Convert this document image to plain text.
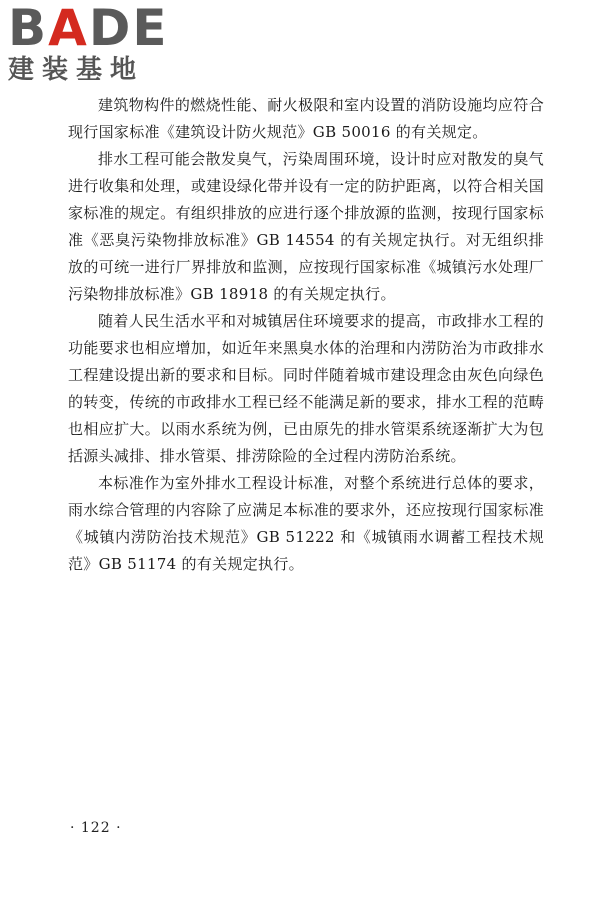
B A DE
建装基地

建筑物构件的燃烧性能、耐火极限和室内设置的消防设施均应符合现行国家标准《建筑设计防火规范》GB 50016 的有关规定。

排水工程可能会散发臭气，污染周围环境，设计时应对散发的臭气进行收集和处理，或建设绿化带并设有一定的防护距离，以符合相关国家标准的规定。有组织排放的应进行逐个排放源的监测，按现行国家标准《恶臭污染物排放标准》GB 14554 的有关规定执行。对无组织排放的可统一进行厂界排放和监测，应按现行国家标准《城镇污水处理厂污染物排放标准》GB 18918 的有关规定执行。

随着人民生活水平和对城镇居住环境要求的提高，市政排水工程的功能要求也相应增加，如近年来黑臭水体的治理和内涝防治为市政排水工程建设提出新的要求和目标。同时伴随着城市建设理念由灰色向绿色的转变，传统的市政排水工程已经不能满足新的要求，排水工程的范畴也相应扩大。以雨水系统为例，已由原先的排水管渠系统逐渐扩大为包括源头减排、排水管渠、排涝除险的全过程内涝防治系统。

本标准作为室外排水工程设计标准，对整个系统进行总体的要求，雨水综合管理的内容除了应满足本标准的要求外，还应按现行国家标准《城镇内涝防治技术规范》GB 51222 和《城镇雨水调蓄工程技术规范》GB 51174 的有关规定执行。

· 122 ·
